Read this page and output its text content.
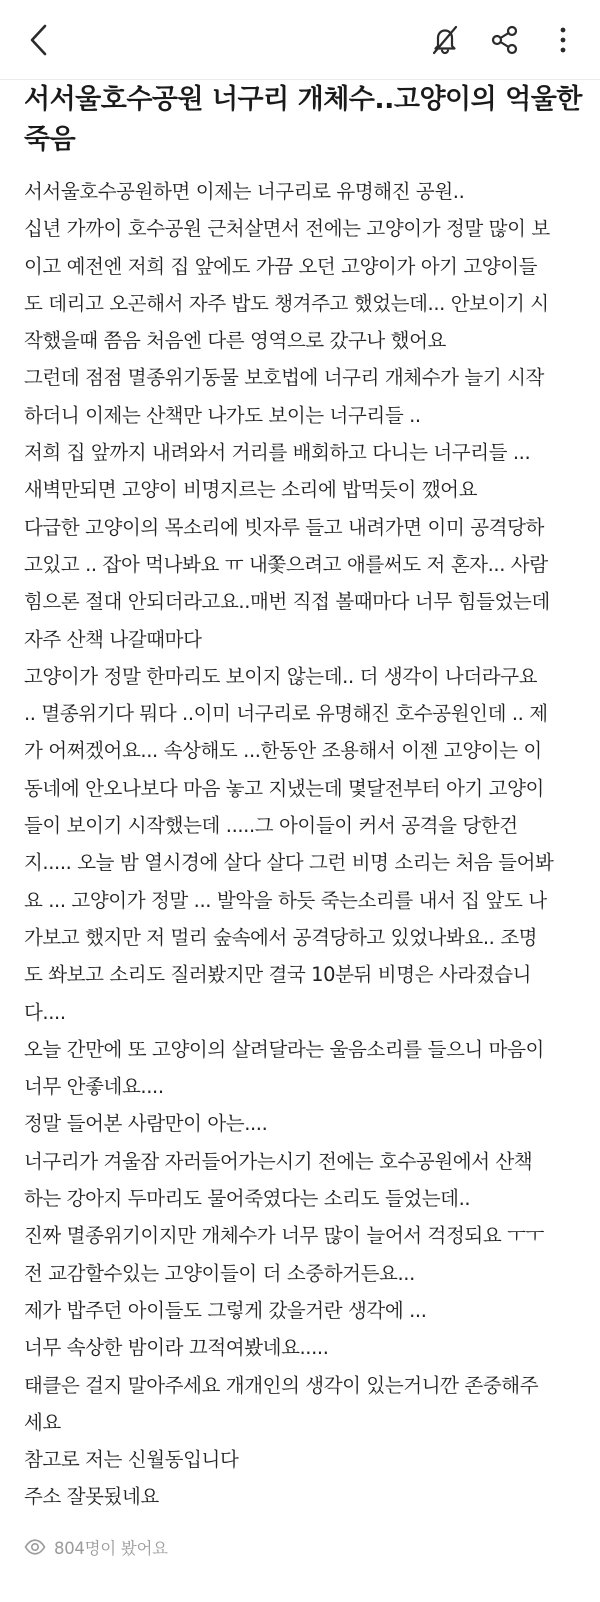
서서울호수공원 너구리 개체수..고양이의 억울한 죽음

서서울호수공원하면 이제는 너구리로 유명해진 공원..

십년 가까이 호수공원 근처살면서 전에는 고양이가 정말 많이 보

이고 예전엔 저희 집 앞에도 가끔 오던 고양이가 아기 고양이들

도 데리고 오곤해서 자주 밥도 챙겨주고 했었는데... 안보이기 시

작했을때 쯤음 처음엔 다른 영역으로 갔구나 했어요

그런데 점점 멸종위기동물 보호법에 너구리 개체수가 늘기 시작

하더니 이제는 산책만 나가도 보이는 너구리들 ..

저희 집 앞까지 내려와서 거리를 배회하고 다니는 너구리들 ...

새벽만되면 고양이 비명지르는 소리에 밥먹듯이 깼어요

다급한 고양이의 목소리에 빗자루 들고 내려가면 이미 공격당하

고있고 .. 잡아 먹나봐요 ㅠ 내쫓으려고 애를써도 저 혼자... 사람

힘으론 절대 안되더라고요..매번 직접 볼때마다 너무 힘들었는데

자주 산책 나갈때마다

고양이가 정말 한마리도 보이지 않는데.. 더 생각이 나더라구요

.. 멸종위기다 뭐다 ..이미 너구리로 유명해진 호수공원인데 .. 제

가 어쩌겠어요... 속상해도 ...한동안 조용해서 이젠 고양이는 이

동네에 안오나보다 마음 놓고 지냈는데 몇달전부터 아기 고양이

들이 보이기 시작했는데 .....그 아이들이 커서 공격을 당한건

지..... 오늘 밤 열시경에 살다 살다 그런 비명 소리는 처음 들어봐

요 ... 고양이가 정말 ... 발악을 하듯 죽는소리를 내서 집 앞도 나

가보고 했지만 저 멀리 숲속에서 공격당하고 있었나봐요.. 조명

도 쏴보고 소리도 질러봤지만 결국 10분뒤 비명은 사라졌습니

다....

오늘 간만에 또 고양이의 살려달라는 울음소리를 들으니 마음이

너무 안좋네요....

정말 들어본 사람만이 아는....

너구리가 겨울잠 자러들어가는시기 전에는 호수공원에서 산책

하는 강아지 두마리도 물어죽였다는 소리도 들었는데..

진짜 멸종위기이지만 개체수가 너무 많이 늘어서 걱정되요 ㅜㅜ

전 교감할수있는 고양이들이 더 소중하거든요...

제가 밥주던 아이들도 그렇게 갔을거란 생각에 ...

너무 속상한 밤이라 끄적여봤네요.....

태클은 걸지 말아주세요 개개인의 생각이 있는거니깐 존중해주

세요

참고로 저는 신월동입니다

주소 잘못됬네요

804명이 봤어요
